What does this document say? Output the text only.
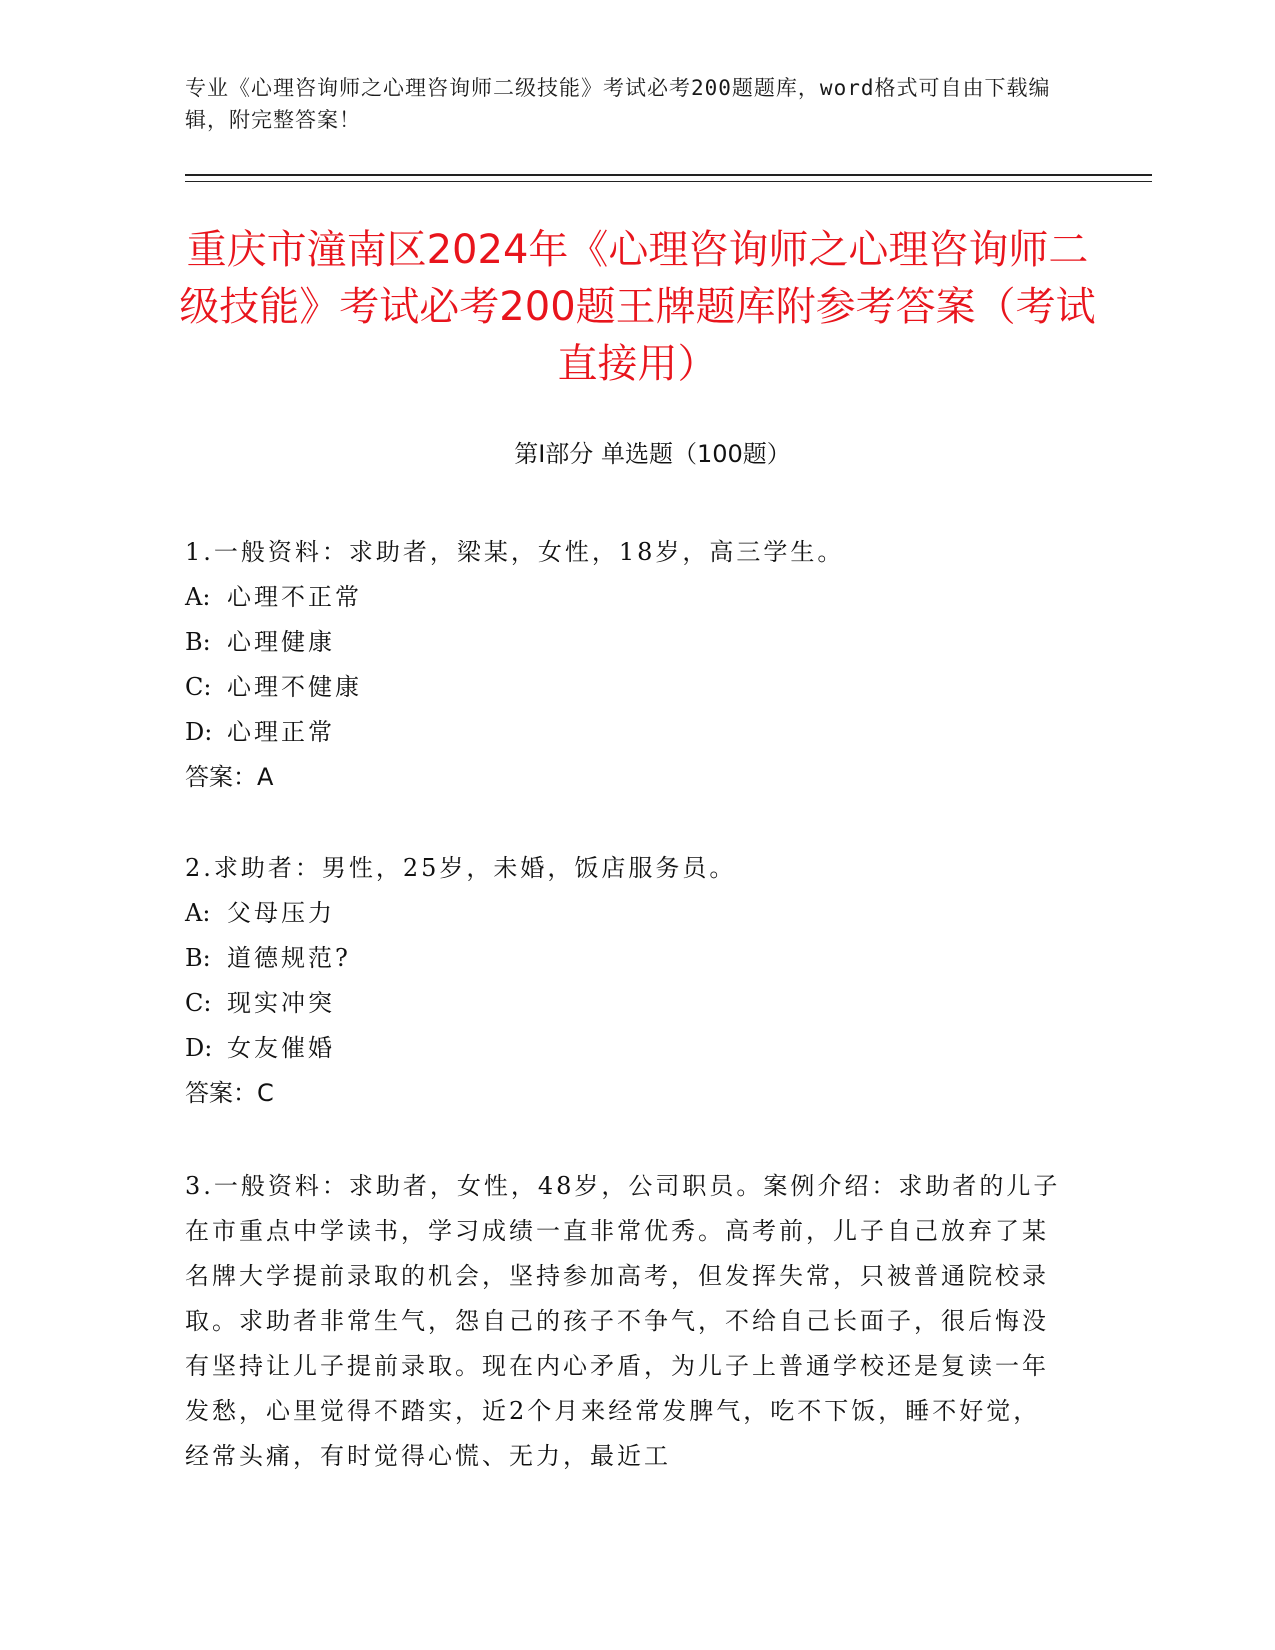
专业《心理咨询师之心理咨询师二级技能》考试必考200题题库，word格式可自由下载编辑，附完整答案！
重庆市潼南区2024年《心理咨询师之心理咨询师二级技能》考试必考200题王牌题库附参考答案（考试直接用）
第I部分 单选题（100题）

1.一般资料：求助者，梁某，女性，18岁，高三学生。

A: 心理不正常

B: 心理健康

C: 心理不健康

D: 心理正常

答案：A

2.求助者：男性，25岁，未婚，饭店服务员。

A: 父母压力

B: 道德规范?

C: 现实冲突

D: 女友催婚

答案：C

3.一般资料：求助者，女性，48岁，公司职员。案例介绍：求助者的儿子在市重点中学读书，学习成绩一直非常优秀。高考前，儿子自己放弃了某名牌大学提前录取的机会，坚持参加高考，但发挥失常，只被普通院校录取。求助者非常生气，怨自己的孩子不争气，不给自己长面子，很后悔没有坚持让儿子提前录取。现在内心矛盾，为儿子上普通学校还是复读一年发愁，心里觉得不踏实，近2个月来经常发脾气，吃不下饭，睡不好觉，经常头痛，有时觉得心慌、无力，最近工
